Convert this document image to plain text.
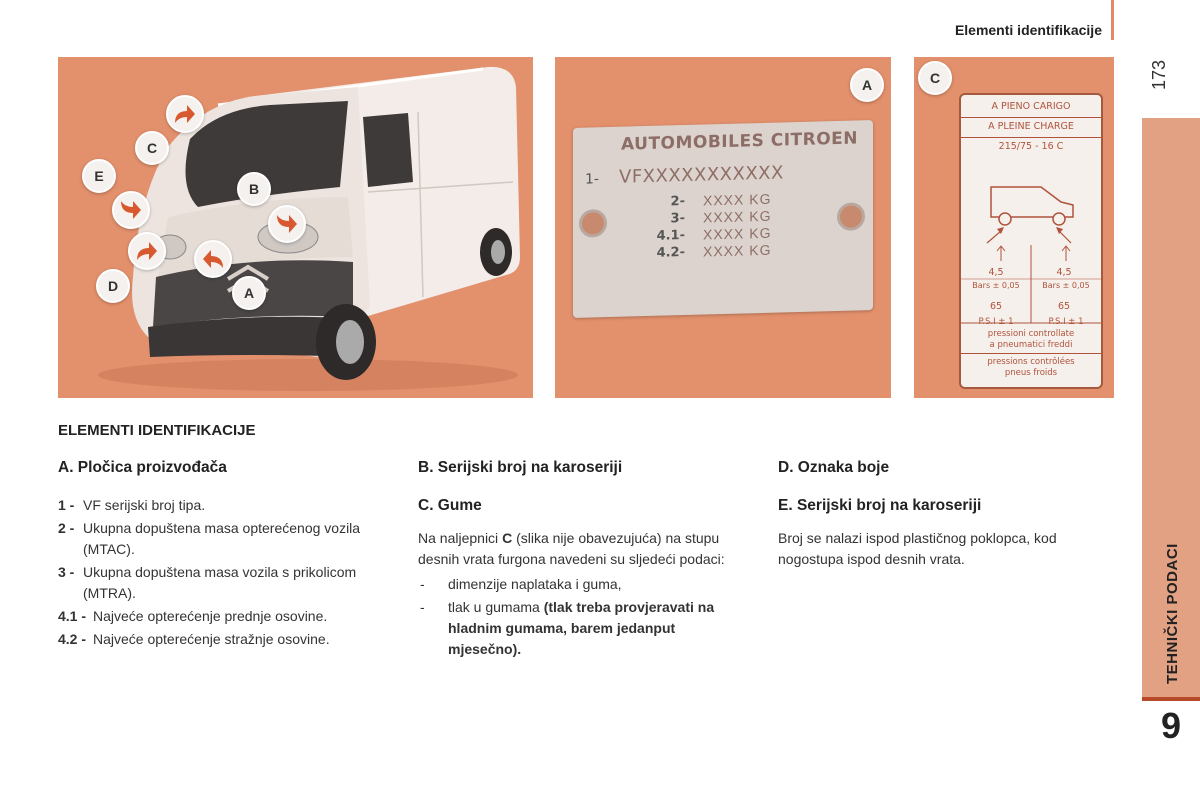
Elementi identifikacije
173
TEHNIČKI PODACI
9
C
E
B
D	A
A
AUTOMOBILES CITROEN
1- VFXXXXXXXXXXX
2- XXXX KG
3- XXXX KG
4.1- XXXX KG
4.2- XXXX KG
C
A PIENO CARIGO
A PLEINE CHARGE
215/75 - 16 C
4,5	4,5
Bars ± 0,05	Bars ± 0,05
65	65
P.S.I ± 1	P.S.I ± 1
pressioni controllate
a pneumatici freddi
pressions contrôlées
pneus froids
ELEMENTI IDENTIFIKACIJE
A. Pločica proizvođača
1 - VF serijski broj tipa.
2 - Ukupna dopuštena masa opterećenog vozila (MTAC).
3 - Ukupna dopuštena masa vozila s prikolicom (MTRA).
4.1 - Najveće opterećenje prednje osovine.
4.2 - Najveće opterećenje stražnje osovine.
B. Serijski broj na karoseriji
C. Gume
Na naljepnici C (slika nije obavezujuća) na stupu desnih vrata furgona navedeni su sljedeći podaci:
- dimenzije naplataka i guma,
- tlak u gumama (tlak treba provjeravati na hladnim gumama, barem jedanput mjesečno).
D. Oznaka boje
E. Serijski broj na karoseriji
Broj se nalazi ispod plastičnog poklopca, kod nogostupa ispod desnih vrata.
